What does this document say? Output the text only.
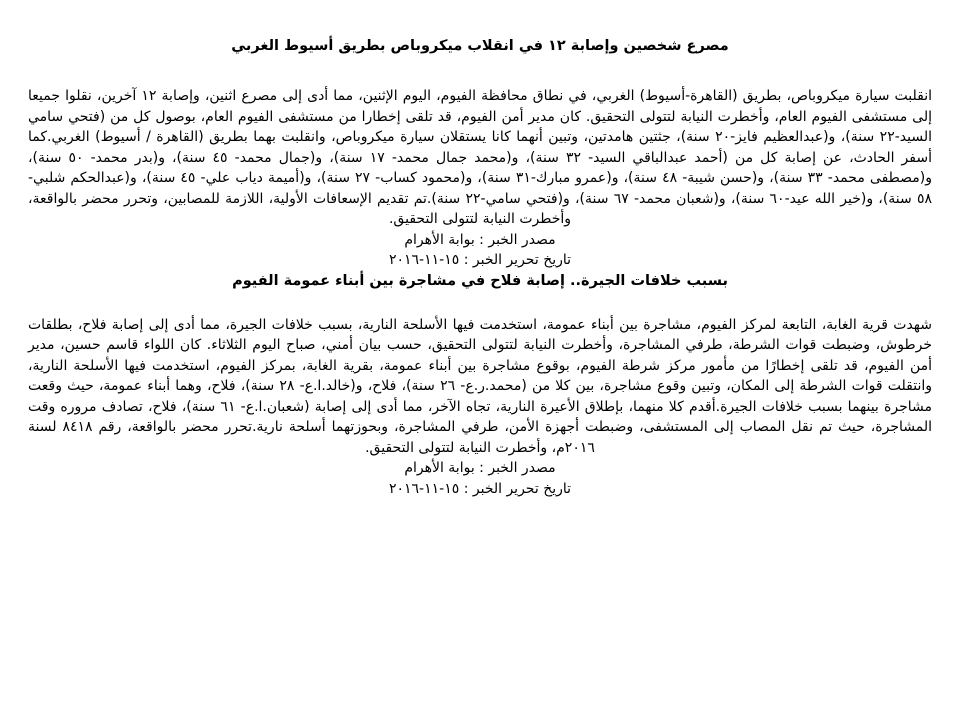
مصرع شخصين وإصابة ١٢ في انقلاب ميكروباص بطريق أسيوط الغربي

انقلبت سيارة ميكروباص، بطريق (القاهرة-أسيوط) الغربي، في نطاق محافظة الفيوم، اليوم الإثنين، مما أدى إلى مصرع اثنين، وإصابة ١٢ آخرين، نقلوا جميعا إلى مستشفى الفيوم العام، وأخطرت النيابة لتتولى التحقيق. كان مدير أمن الفيوم، قد تلقى إخطارا من مستشفى الفيوم العام، بوصول كل من (فتحي سامي السيد-٢٢ سنة)، و(عبدالعظيم فايز-٢٠ سنة)، جثتين هامدتين، وتبين أنهما كانا يستقلان سيارة ميكروباص، وانقلبت بهما بطريق (القاهرة / أسيوط) الغربي.كما أسفر الحادث، عن إصابة كل من (أحمد عبدالباقي السيد- ٣٢ سنة)، و(محمد جمال محمد- ١٧ سنة)، و(جمال محمد- ٤٥ سنة)، و(بدر محمد- ٥٠ سنة)، و(مصطفى محمد- ٣٣ سنة)، و(حسن شيبة- ٤٨ سنة)، و(عمرو مبارك-٣١ سنة)، و(محمود كساب- ٢٧ سنة)، و(أميمة دياب علي- ٤٥ سنة)، و(عبدالحكم شلبي- ٥٨ سنة)، و(خير الله عيد-٦٠ سنة)، و(شعبان محمد- ٦٧ سنة)، و(فتحي سامي-٢٢ سنة).تم تقديم الإسعافات الأولية، اللازمة للمصابين، وتحرر محضر بالواقعة، وأخطرت النيابة لتتولى التحقيق.

مصدر الخبر : بوابة الأهرام

تاريخ تحرير الخبر : ١٥-١١-٢٠١٦

بسبب خلافات الجيرة.. إصابة فلاح في مشاجرة بين أبناء عمومة الفيوم

شهدت قرية الغابة، التابعة لمركز الفيوم، مشاجرة بين أبناء عمومة، استخدمت فيها الأسلحة النارية، بسبب خلافات الجيرة، مما أدى إلى إصابة فلاح، بطلقات خرطوش، وضبطت قوات الشرطة، طرفي المشاجرة، وأخطرت النيابة لتتولى التحقيق، حسب بيان أمني، صباح اليوم الثلاثاء. كان اللواء قاسم حسين، مدير أمن الفيوم، قد تلقى إخطارًا من مأمور مركز شرطة الفيوم، بوقوع مشاجرة بين أبناء عمومة، بقرية الغابة، بمركز الفيوم، استخدمت فيها الأسلحة النارية، وانتقلت قوات الشرطة إلى المكان، وتبين وقوع مشاجرة، بين كلا من (محمد.ر.ع- ٢٦ سنة)، فلاح، و(خالد.ا.ع- ٢٨ سنة)، فلاح، وهما أبناء عمومة، حيث وقعت مشاجرة بينهما بسبب خلافات الجيرة.أقدم كلا منهما، بإطلاق الأعيرة النارية، تجاه الآخر، مما أدى إلى إصابة (شعبان.ا.ع- ٦١ سنة)، فلاح، تصادف مروره وقت المشاجرة، حيث تم نقل المصاب إلى المستشفى، وضبطت أجهزة الأمن، طرفي المشاجرة، وبحوزتهما أسلحة نارية.تحرر محضر بالواقعة، رقم ٨٤١٨ لسنة ٢٠١٦م، وأخطرت النيابة لتتولى التحقيق.

مصدر الخبر : بوابة الأهرام

تاريخ تحرير الخبر : ١٥-١١-٢٠١٦
